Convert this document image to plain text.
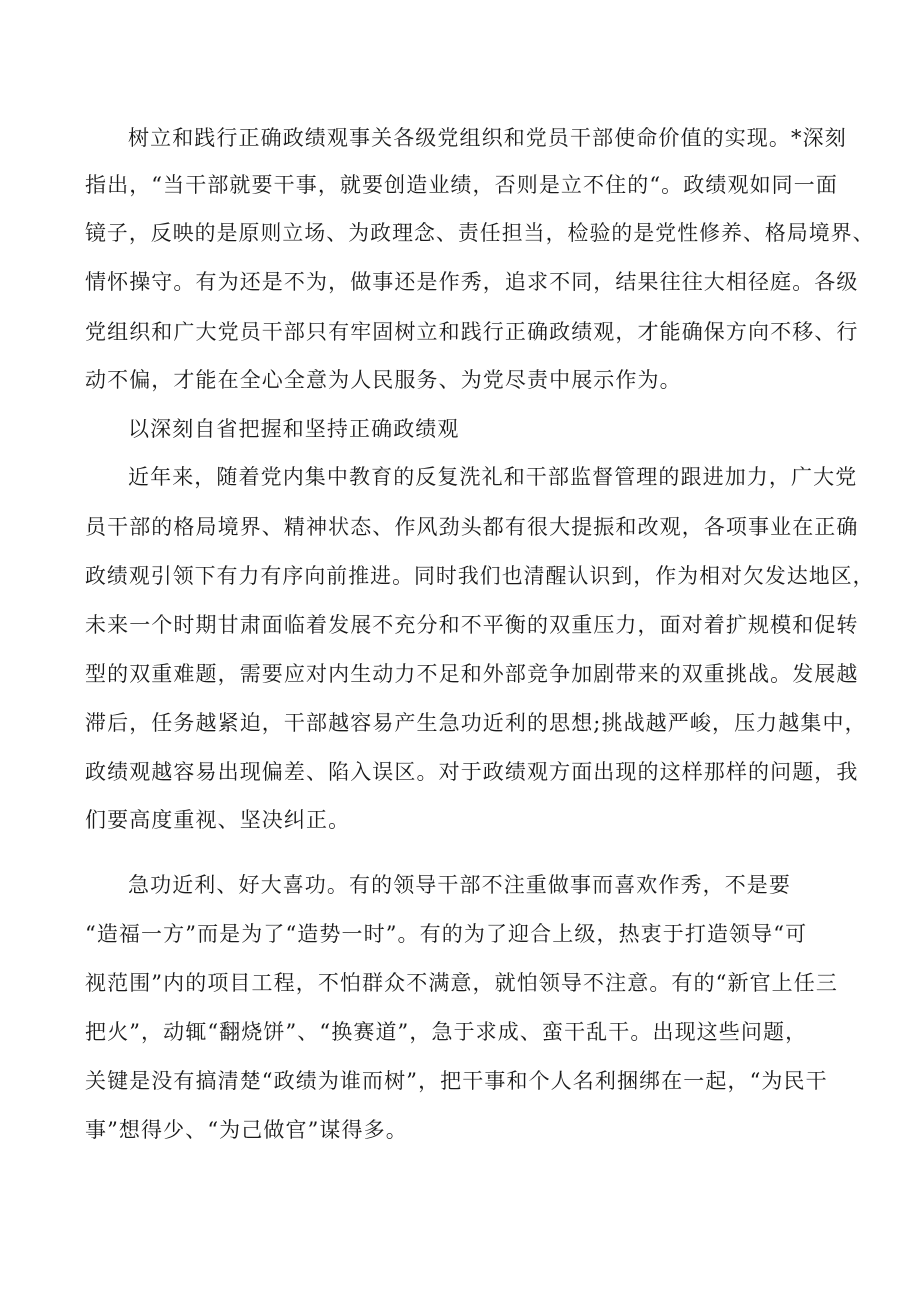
树立和践行正确政绩观事关各级党组织和党员干部使命价值的实现。*深刻
指出，“当干部就要干事，就要创造业绩，否则是立不住的“。政绩观如同一面
镜子，反映的是原则立场、为政理念、责任担当，检验的是党性修养、格局境界、
情怀操守。有为还是不为，做事还是作秀，追求不同，结果往往大相径庭。各级
党组织和广大党员干部只有牢固树立和践行正确政绩观，才能确保方向不移、行
动不偏，才能在全心全意为人民服务、为党尽责中展示作为。
以深刻自省把握和坚持正确政绩观
近年来，随着党内集中教育的反复洗礼和干部监督管理的跟进加力，广大党
员干部的格局境界、精神状态、作风劲头都有很大提振和改观，各项事业在正确
政绩观引领下有力有序向前推进。同时我们也清醒认识到，作为相对欠发达地区，
未来一个时期甘肃面临着发展不充分和不平衡的双重压力，面对着扩规模和促转
型的双重难题，需要应对内生动力不足和外部竞争加剧带来的双重挑战。发展越
滞后，任务越紧迫，干部越容易产生急功近利的思想;挑战越严峻，压力越集中，
政绩观越容易出现偏差、陷入误区。对于政绩观方面出现的这样那样的问题，我
们要高度重视、坚决纠正。
急功近利、好大喜功。有的领导干部不注重做事而喜欢作秀，不是要
“造福一方”而是为了“造势一时”。有的为了迎合上级，热衷于打造领导“可
视范围”内的项目工程，不怕群众不满意，就怕领导不注意。有的“新官上任三
把火”，动辄“翻烧饼”、“换赛道”，急于求成、蛮干乱干。出现这些问题，
关键是没有搞清楚“政绩为谁而树”，把干事和个人名利捆绑在一起，“为民干
事”想得少、“为己做官”谋得多。
